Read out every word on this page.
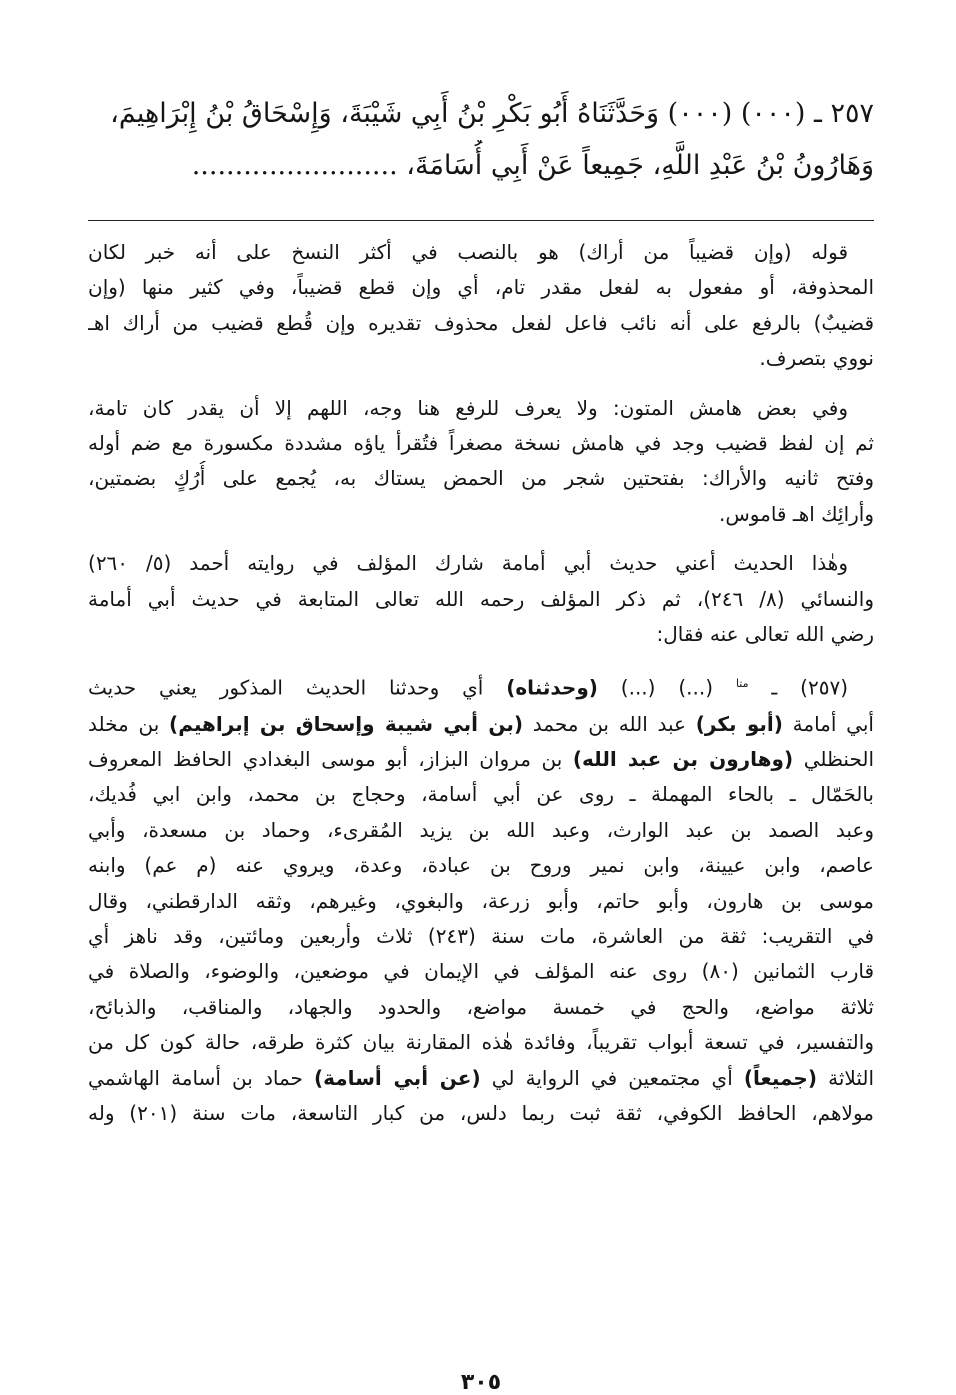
٢٥٧ ـ (٠٠٠) (٠٠٠) وَحَدَّثَنَاهُ أَبُو بَكْرِ بْنُ أَبِي شَيْبَةَ، وَإِسْحَاقُ بْنُ إِبْرَاهِيمَ،
وَهَارُونُ بْنُ عَبْدِ اللَّهِ، جَمِيعاً عَنْ أَبِي أُسَامَةَ، ........................

قوله (وإن قضيباً من أراك) هو بالنصب في أكثر النسخ على أنه خبر لكان
المحذوفة، أو مفعول به لفعل مقدر تام، أي وإن قطع قضيباً، وفي كثير منها (وإن
قضيبٌ) بالرفع على أنه نائب فاعل لفعل محذوف تقديره وإن قُطع قضيب من أراك اهـ
نووي بتصرف.

وفي بعض هامش المتون: ولا يعرف للرفع هنا وجه، اللهم إلا أن يقدر كان تامة،
ثم إن لفظ قضيب وجد في هامش نسخة مصغراً فتُقرأ ياؤه مشددة مكسورة مع ضم أوله
وفتح ثانيه والأراك: بفتحتين شجر من الحمض يستاك به، يُجمع على أُرُكٍ بضمتين،
وأرائِك اهـ قاموس.

وهٰذا الحديث أعني حديث أبي أمامة شارك المؤلف في روايته أحمد (٥/ ٢٦٠)
والنسائي (٨/ ٢٤٦)، ثم ذكر المؤلف رحمه الله تعالى المتابعة في حديث أبي أمامة
رضي الله تعالى عنه فقال:

(٢٥٧) ـ $^{متا}$ (...) (...) (وحدثناه) أي وحدثنا الحديث المذكور يعني حديث
أبي أمامة (أبو بكر) عبد الله بن محمد (بن أبي شيبة وإسحاق بن إبراهيم) بن مخلد
الحنظلي (وهارون بن عبد الله) بن مروان البزاز، أبو موسى البغدادي الحافظ المعروف
بالحَمّال ـ بالحاء المهملة ـ روى عن أبي أسامة، وحجاج بن محمد، وابن ابي فُديك،
وعبد الصمد بن عبد الوارث، وعبد الله بن يزيد المُقرىء، وحماد بن مسعدة، وأبي
عاصم، وابن عيينة، وابن نمير وروح بن عبادة، وعدة، ويروي عنه (م عم) وابنه
موسى بن هارون، وأبو حاتم، وأبو زرعة، والبغوي، وغيرهم، وثقه الدارقطني، وقال
في التقريب: ثقة من العاشرة، مات سنة (٢٤٣) ثلاث وأربعين ومائتين، وقد ناهز أي
قارب الثمانين (٨٠) روى عنه المؤلف في الإيمان في موضعين، والوضوء، والصلاة في
ثلاثة مواضع، والحج في خمسة مواضع، والحدود والجهاد، والمناقب، والذبائح،
والتفسير، في تسعة أبواب تقريباً، وفائدة هٰذه المقارنة بيان كثرة طرقه، حالة كون كل من
الثلاثة (جميعاً) أي مجتمعين في الرواية لي (عن أبي أسامة) حماد بن أسامة الهاشمي
مولاهم، الحافظ الكوفي، ثقة ثبت ربما دلس، من كبار التاسعة، مات سنة (٢٠١) وله

٣٠٥
